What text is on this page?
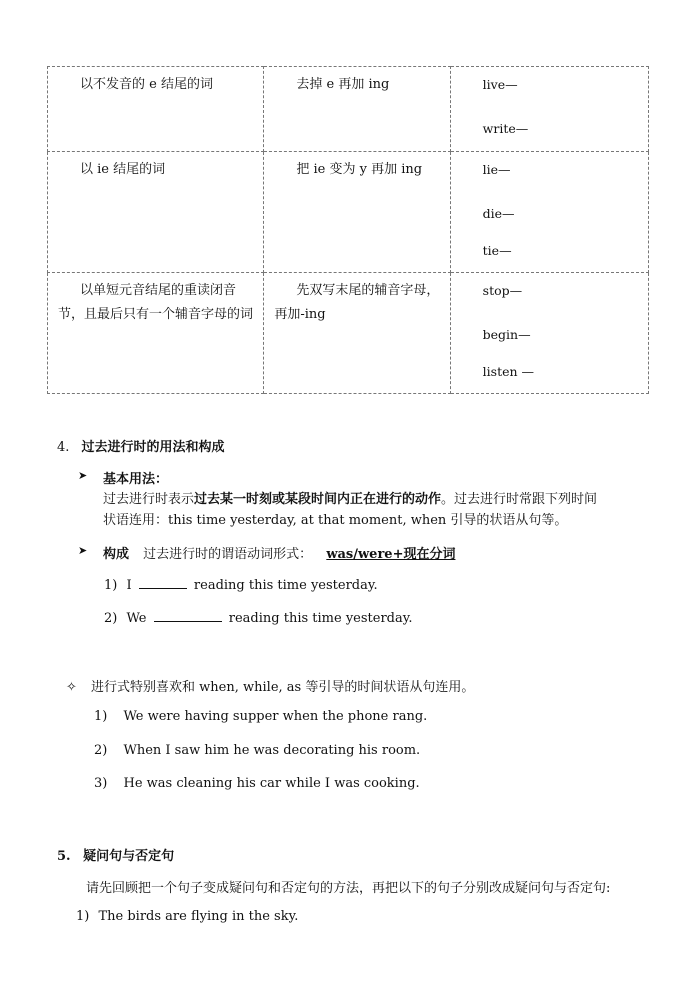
以不发音的 e 结尾的词	去掉 e 再加 ing	live—
write—

以 ie 结尾的词	把 ie 变为 y 再加 ing	lie—
die—
tie—

以单短元音结尾的重读闭音节，且最后只有一个辅音字母的词	先双写末尾的辅音字母，再加-ing	stop—
begin—
listen —
4. 过去进行时的用法和构成
➤ 基本用法：
过去进行时表示过去某一时刻或某段时间内正在进行的动作。过去进行时常跟下列时间
状语连用：this time yesterday, at that moment, when 引导的状语从句等。
➤ 构成 过去进行时的谓语动词形式： was/were+现在分词
1) I	reading this time yesterday.
2) We	reading this time yesterday.
✧ 进行式特别喜欢和 when, while, as 等引导的时间状语从句连用。
1) We were having supper when the phone rang.
2) When I saw him he was decorating his room.
3) He was cleaning his car while I was cooking.
5. 疑问句与否定句
请先回顾把一个句子变成疑问句和否定句的方法，再把以下的句子分别改成疑问句与否定句:
1) The birds are flying in the sky.
